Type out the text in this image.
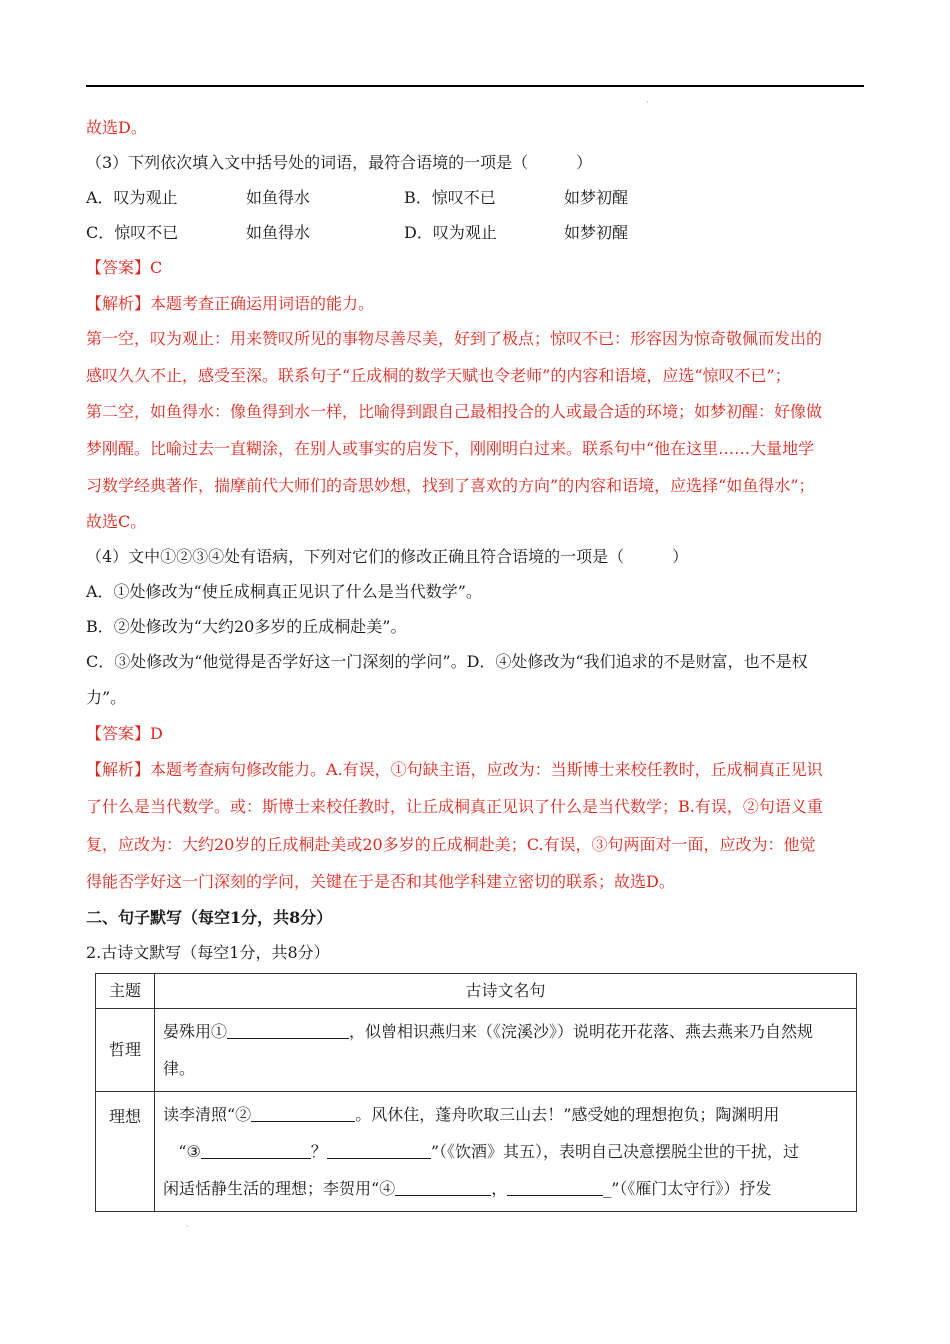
·
故选D。
（3）下列依次填入文中括号处的词语，最符合语境的一项是（　　　）
A．叹为观止	如鱼得水	B．惊叹不已	如梦初醒
C．惊叹不已	如鱼得水	D．叹为观止	如梦初醒
【答案】C
【解析】本题考查正确运用词语的能力。
第一空，叹为观止：用来赞叹所见的事物尽善尽美，好到了极点；惊叹不已：形容因为惊奇敬佩而发出的
感叹久久不止，感受至深。联系句子“丘成桐的数学天赋也令老师”的内容和语境，应选“惊叹不已”；
第二空，如鱼得水：像鱼得到水一样，比喻得到跟自己最相投合的人或最合适的环境；如梦初醒：好像做
梦刚醒。比喻过去一直糊涂，在别人或事实的启发下，刚刚明白过来。联系句中“他在这里……大量地学
习数学经典著作，揣摩前代大师们的奇思妙想，找到了喜欢的方向”的内容和语境，应选择“如鱼得水”；
故选C。
（4）文中①②③④处有语病，下列对它们的修改正确且符合语境的一项是（　　　）
A．①处修改为“使丘成桐真正见识了什么是当代数学”。
B．②处修改为“大约20多岁的丘成桐赴美”。
C．③处修改为“他觉得是否学好这一门深刻的学问”。D．④处修改为“我们追求的不是财富，也不是权
力”。
【答案】D
【解析】本题考查病句修改能力。A.有误，①句缺主语，应改为：当斯博士来校任教时，丘成桐真正见识
了什么是当代数学。或：斯博士来校任教时，让丘成桐真正见识了什么是当代数学；B.有误，②句语义重
复，应改为：大约20岁的丘成桐赴美或20多岁的丘成桐赴美；C.有误，③句两面对一面，应改为：他觉
得能否学好这一门深刻的学问，关键在于是否和其他学科建立密切的联系；故选D。
二、句子默写（每空1分，共8分）
2.古诗文默写（每空1分，共8分）
主题	古诗文名句
哲理	晏殊用① ，似曾相识燕归来（《浣溪沙》）说明花开花落、燕去燕来乃自然规
律。

理想	读李清照“② 。风休住，蓬舟吹取三山去！”感受她的理想抱负；陶渊明用
“③ ？ ”（《饮酒》其五），表明自己决意摆脱尘世的干扰，过
闲适恬静生活的理想；李贺用“④ ， _”（《雁门太守行》）抒发
·
